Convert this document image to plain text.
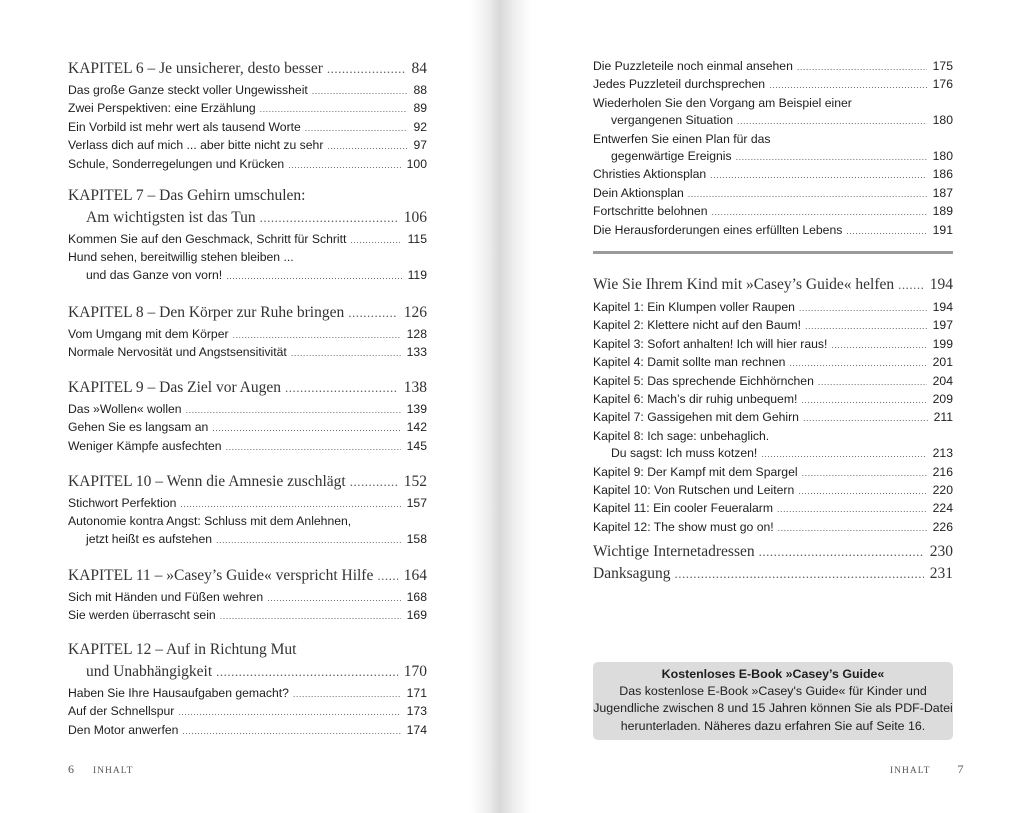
KAPITEL 6 – Je unsicherer, desto besser .....	84
Das große Ganze steckt voller Ungewissheit .....	88
Zwei Perspektiven: eine Erzählung .....	89
Ein Vorbild ist mehr wert als tausend Worte .....	92
Verlass dich auf mich ... aber bitte nicht zu sehr .....	97
Schule, Sonderregelungen und Krücken .....	100
KAPITEL 7 – Das Gehirn umschulen:
Am wichtigsten ist das Tun .....	106
Kommen Sie auf den Geschmack, Schritt für Schritt .....	115
Hund sehen, bereitwillig stehen bleiben ...
und das Ganze von vorn! .....	119
KAPITEL 8 – Den Körper zur Ruhe bringen .....	126
Vom Umgang mit dem Körper .....	128
Normale Nervosität und Angstsensitivität .....	133
KAPITEL 9 – Das Ziel vor Augen .....	138
Das »Wollen« wollen .....	139
Gehen Sie es langsam an .....	142
Weniger Kämpfe ausfechten .....	145
KAPITEL 10 – Wenn die Amnesie zuschlägt .....	152
Stichwort Perfektion .....	157
Autonomie kontra Angst: Schluss mit dem Anlehnen,
jetzt heißt es aufstehen .....	158
KAPITEL 11 – »Casey’s Guide« verspricht Hilfe ..... 164
Sich mit Händen und Füßen wehren .....	168
Sie werden überrascht sein .....	169
KAPITEL 12 – Auf in Richtung Mut
und Unabhängigkeit .....	170
Haben Sie Ihre Hausaufgaben gemacht? .....	171
Auf der Schnellspur .....	173
Den Motor anwerfen .....	174
Die Puzzleteile noch einmal ansehen .....	175
Jedes Puzzleteil durchsprechen .....	176
Wiederholen Sie den Vorgang am Beispiel einer
vergangenen Situation .....	180
Entwerfen Sie einen Plan für das
gegenwärtige Ereignis .....	180
Christies Aktionsplan .....	186
Dein Aktionsplan .....	187
Fortschritte belohnen .....	189
Die Herausforderungen eines erfüllten Lebens .....	191
Wie Sie Ihrem Kind mit »Casey’s Guide« helfen ..... 194
Kapitel 1: Ein Klumpen voller Raupen .....	194
Kapitel 2: Klettere nicht auf den Baum! .....	197
Kapitel 3: Sofort anhalten! Ich will hier raus! .....	199
Kapitel 4: Damit sollte man rechnen .....	201
Kapitel 5: Das sprechende Eichhörnchen .....	204
Kapitel 6: Mach’s dir ruhig unbequem! .....	209
Kapitel 7: Gassigehen mit dem Gehirn .....	211
Kapitel 8: Ich sage: unbehaglich.
Du sagst: Ich muss kotzen! .....	213
Kapitel 9: Der Kampf mit dem Spargel .....	216
Kapitel 10: Von Rutschen und Leitern .....	220
Kapitel 11: Ein cooler Feueralarm .....	224
Kapitel 12: The show must go on! .....	226
Wichtige Internetadressen .....	230
Danksagung .....	231
Kostenloses E-Book »Casey’s Guide«
Das kostenlose E-Book »Casey's Guide« für Kinder und
Jugendliche zwischen 8 und 15 Jahren können Sie als PDF-Datei
herunterladen. Näheres dazu erfahren Sie auf Seite 16.
6 INHALT	INHALT 7
